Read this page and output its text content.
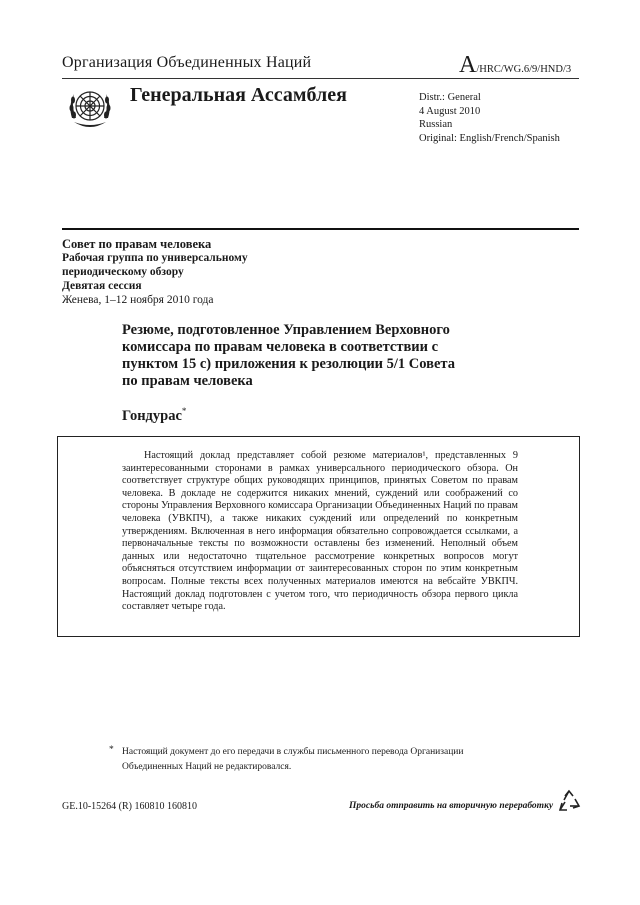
Организация Объединенных Наций	A/HRC/WG.6/9/HND/3
Генеральная Ассамблея	Distr.: General
4 August 2010
Russian
Original: English/French/Spanish
Совет по правам человека
Рабочая группа по универсальному
периодическому обзору
Девятая сессия
Женева, 1–12 ноября 2010 года
Резюме, подготовленное Управлением Верховного
комиссара по правам человека в соответствии с
пунктом 15 с) приложения к резолюции 5/1 Совета
по правам человека
Гондурас*
Настоящий доклад представляет собой резюме материалов¹, представленных 9 заинтересованными сторонами в рамках универсального периодического обзора. Он соответствует структуре общих руководящих принципов, принятых Советом по правам человека. В докладе не содержится никаких мнений, суждений или соображений со стороны Управления Верховного комиссара Организации Объединенных Наций по правам человека (УВКПЧ), а также никаких суждений или определений по конкретным утверждениям. Включенная в него информация обязательно сопровождается ссылками, а первоначальные тексты по возможности оставлены без изменений. Неполный объем данных или недостаточно тщательное рассмотрение конкретных вопросов могут объясняться отсутствием информации от заинтересованных сторон по этим конкретным вопросам. Полные тексты всех полученных материалов имеются на вебсайте УВКПЧ. Настоящий доклад подготовлен с учетом того, что периодичность обзора первого цикла составляет четыре года.
* Настоящий документ до его передачи в службы письменного перевода Организации
Объединенных Наций не редактировался.
GE.10-15264 (R) 160810 160810	Просьба отправить на вторичную переработку
